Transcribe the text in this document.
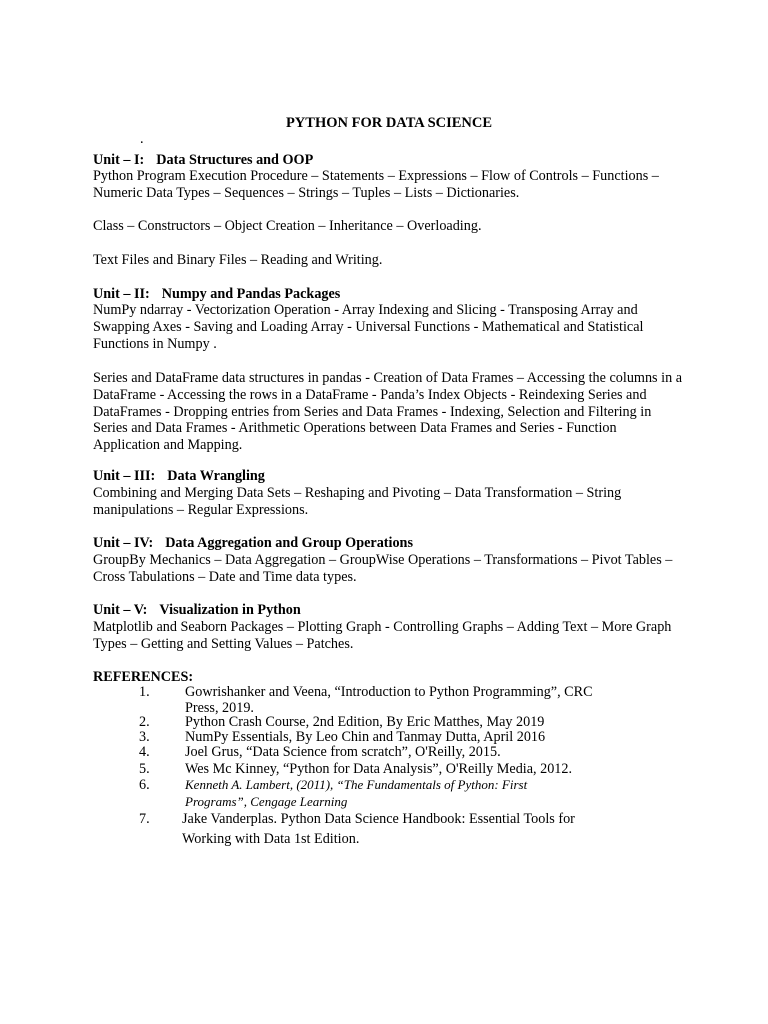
PYTHON FOR DATA SCIENCE
.
Unit – I: Data Structures and OOP
Python Program Execution Procedure – Statements – Expressions – Flow of Controls – Functions – Numeric Data Types – Sequences – Strings – Tuples – Lists – Dictionaries.
Class – Constructors – Object Creation – Inheritance – Overloading.
Text Files and Binary Files – Reading and Writing.
Unit – II: Numpy and Pandas Packages
NumPy ndarray - Vectorization Operation - Array Indexing and Slicing - Transposing Array and Swapping Axes - Saving and Loading Array - Universal Functions - Mathematical and Statistical Functions in Numpy .
Series and DataFrame data structures in pandas - Creation of Data Frames – Accessing the columns in a DataFrame - Accessing the rows in a DataFrame - Panda’s Index Objects - Reindexing Series and DataFrames - Dropping entries from Series and Data Frames - Indexing, Selection and Filtering in Series and Data Frames - Arithmetic Operations between Data Frames and Series - Function Application and Mapping.
Unit – III: Data Wrangling
Combining and Merging Data Sets – Reshaping and Pivoting – Data Transformation – String manipulations – Regular Expressions.
Unit – IV: Data Aggregation and Group Operations
GroupBy Mechanics – Data Aggregation – GroupWise Operations – Transformations – Pivot Tables – Cross Tabulations – Date and Time data types.
Unit – V: Visualization in Python
Matplotlib and Seaborn Packages – Plotting Graph - Controlling Graphs – Adding Text – More Graph Types – Getting and Setting Values – Patches.
REFERENCES:
1. Gowrishanker and Veena, “Introduction to Python Programming”, CRC
Press, 2019.
2. Python Crash Course, 2nd Edition, By Eric Matthes, May 2019
3. NumPy Essentials, By Leo Chin and Tanmay Dutta, April 2016
4. Joel Grus, “Data Science from scratch”, O'Reilly, 2015.
5. Wes Mc Kinney, “Python for Data Analysis”, O'Reilly Media, 2012.
6.	Kenneth A. Lambert, (2011), “The Fundamentals of Python: First
Programs”, Cengage Learning
7. Jake Vanderplas. Python Data Science Handbook: Essential Tools for
Working with Data 1st Edition.
